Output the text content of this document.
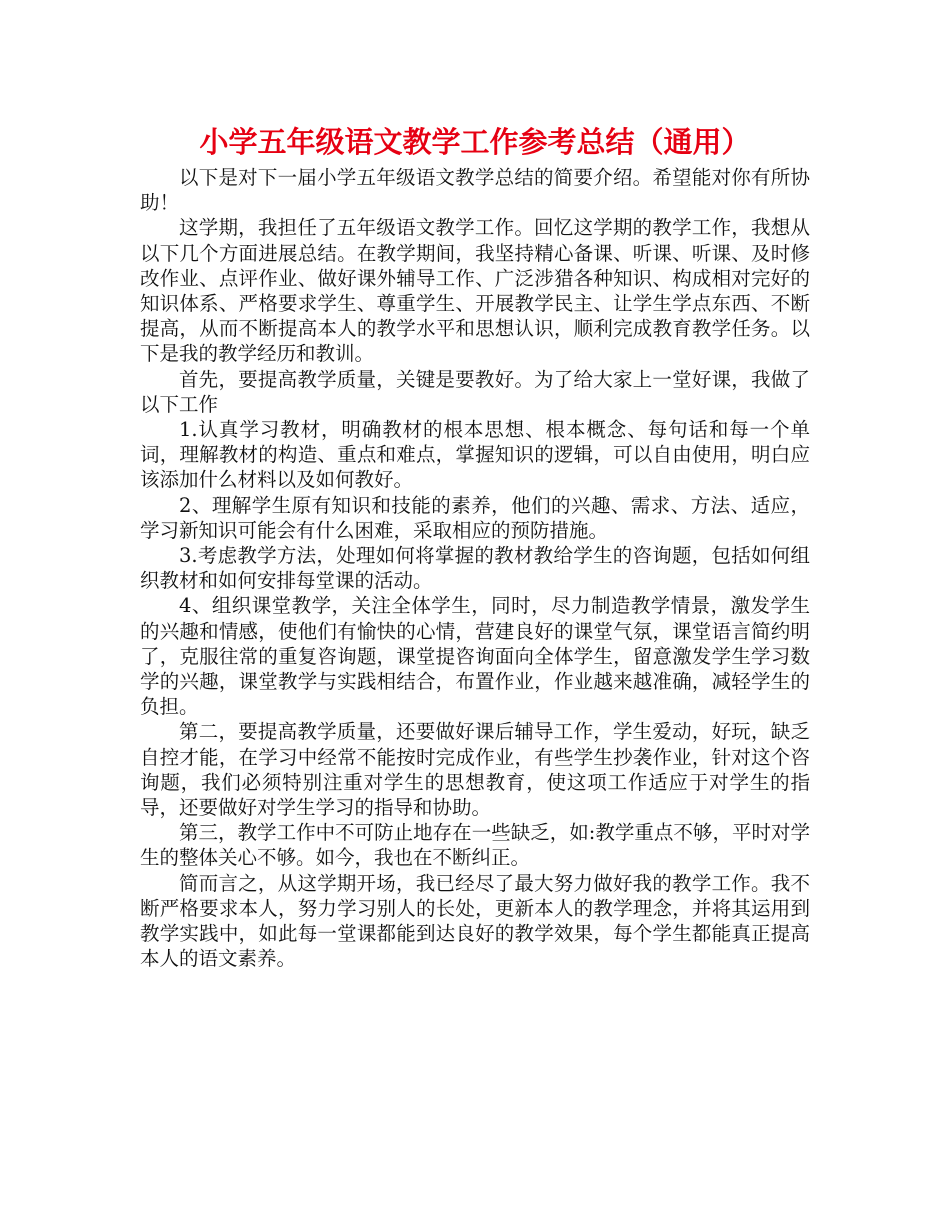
小学五年级语文教学工作参考总结（通用）

以下是对下一届小学五年级语文教学总结的简要介绍。希望能对你有所协助！

这学期，我担任了五年级语文教学工作。回忆这学期的教学工作，我想从以下几个方面进展总结。在教学期间，我坚持精心备课、听课、听课、及时修改作业、点评作业、做好课外辅导工作、广泛涉猎各种知识、构成相对完好的知识体系、严格要求学生、尊重学生、开展教学民主、让学生学点东西、不断提高，从而不断提高本人的教学水平和思想认识，顺利完成教育教学任务。以下是我的教学经历和教训。

首先，要提高教学质量，关键是要教好。为了给大家上一堂好课，我做了以下工作

1.认真学习教材，明确教材的根本思想、根本概念、每句话和每一个单词，理解教材的构造、重点和难点，掌握知识的逻辑，可以自由使用，明白应该添加什么材料以及如何教好。

2、理解学生原有知识和技能的素养，他们的兴趣、需求、方法、适应，学习新知识可能会有什么困难，采取相应的预防措施。

3.考虑教学方法，处理如何将掌握的教材教给学生的咨询题，包括如何组织教材和如何安排每堂课的活动。

4、组织课堂教学，关注全体学生，同时，尽力制造教学情景，激发学生的兴趣和情感，使他们有愉快的心情，营建良好的课堂气氛，课堂语言简约明了，克服往常的重复咨询题，课堂提咨询面向全体学生，留意激发学生学习数学的兴趣，课堂教学与实践相结合，布置作业，作业越来越准确，减轻学生的负担。

第二，要提高教学质量，还要做好课后辅导工作，学生爱动，好玩，缺乏自控才能，在学习中经常不能按时完成作业，有些学生抄袭作业，针对这个咨询题，我们必须特别注重对学生的思想教育，使这项工作适应于对学生的指导，还要做好对学生学习的指导和协助。

第三，教学工作中不可防止地存在一些缺乏，如:教学重点不够，平时对学生的整体关心不够。如今，我也在不断纠正。

简而言之，从这学期开场，我已经尽了最大努力做好我的教学工作。我不断严格要求本人，努力学习别人的长处，更新本人的教学理念，并将其运用到教学实践中，如此每一堂课都能到达良好的教学效果，每个学生都能真正提高本人的语文素养。
